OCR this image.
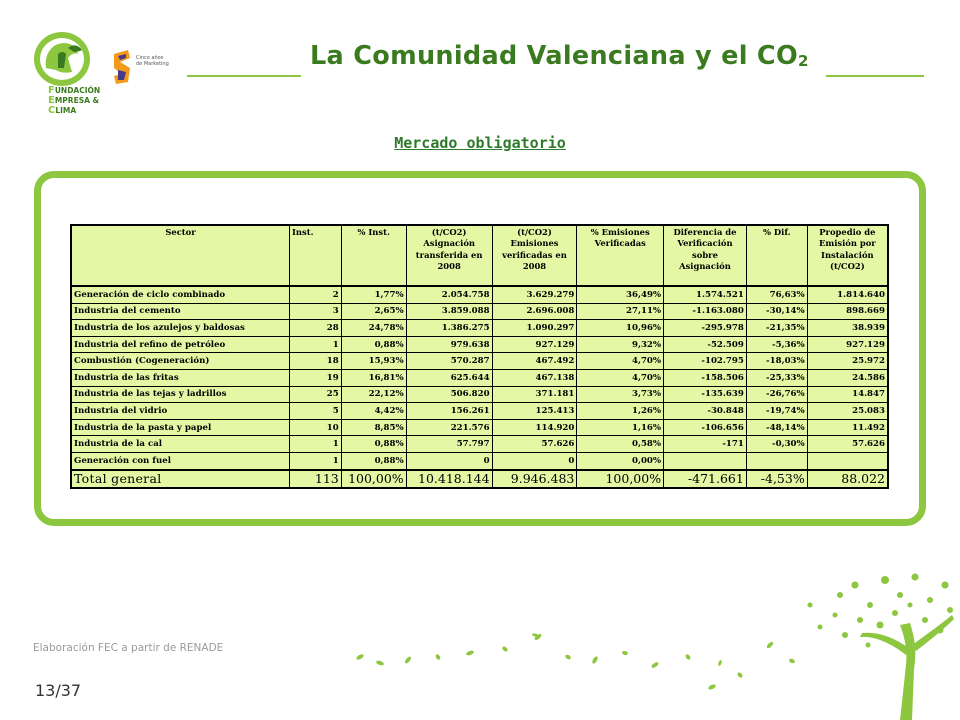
FUNDACIÓN
EMPRESA &
CLIMA
Cinco años
de Marketing	La Comunidad Valenciana y el CO2
Mercado obligatorio
Sector	Inst.	% Inst.	(t/CO2) Asignación transferida en 2008	(t/CO2) Emisiones verificadas en 2008	% Emisiones Verificadas	Diferencia de Verificación sobre Asignación	% Dif.	Propedio de Emisión por Instalación (t/CO2)
Generación de ciclo combinado	2	1,77%	2.054.758	3.629.279	36,49%	1.574.521	76,63%	1.814.640
Industria del cemento	3	2,65%	3.859.088	2.696.008	27,11%	-1.163.080	-30,14%	898.669
Industria de los azulejos y baldosas	28	24,78%	1.386.275	1.090.297	10,96%	-295.978	-21,35%	38.939
Industria del refino de petróleo	1	0,88%	979.638	927.129	9,32%	-52.509	-5,36%	927.129
Combustión (Cogeneración)	18	15,93%	570.287	467.492	4,70%	-102.795	-18,03%	25.972
Industria de las fritas	19	16,81%	625.644	467.138	4,70%	-158.506	-25,33%	24.586
Industria de las tejas y ladrillos	25	22,12%	506.820	371.181	3,73%	-135.639	-26,76%	14.847
Industria del vidrio	5	4,42%	156.261	125.413	1,26%	-30.848	-19,74%	25.083
Industria de la pasta y papel	10	8,85%	221.576	114.920	1,16%	-106.656	-48,14%	11.492
Industria de la cal	1	0,88%	57.797	57.626	0,58%	-171	-0,30%	57.626
Generación con fuel	1	0,88%	0	0	0,00%			
Total general	113	100,00%	10.418.144	9.946.483	100,00%	-471.661	-4,53%	88.022
Elaboración FEC a partir de RENADE
13/37
